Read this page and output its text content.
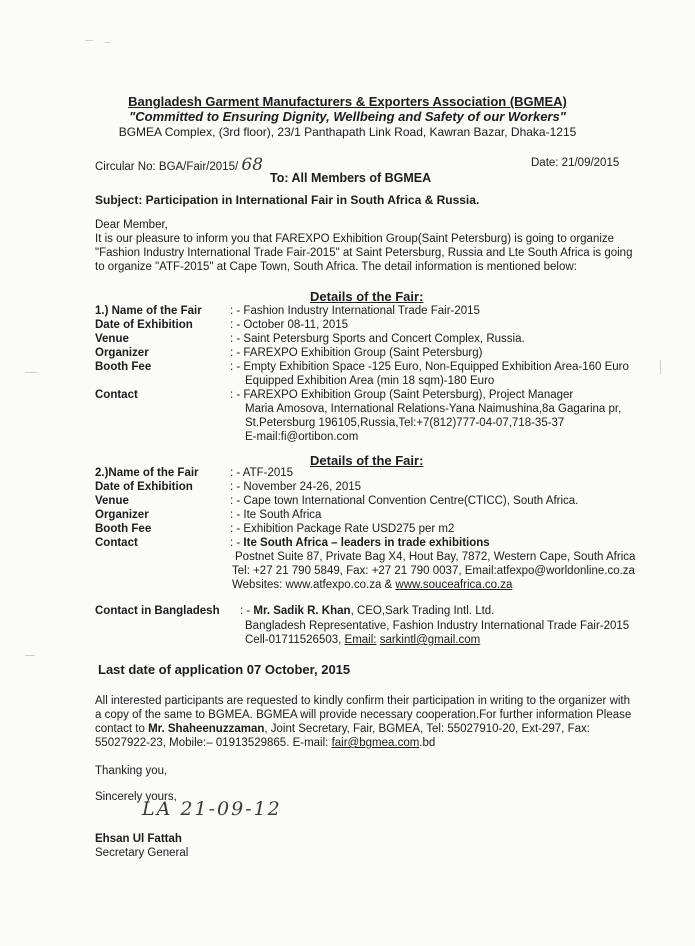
Bangladesh Garment Manufacturers & Exporters Association (BGMEA)
"Committed to Ensuring Dignity, Wellbeing and Safety of our Workers"
BGMEA Complex, (3rd floor), 23/1 Panthapath Link Road, Kawran Bazar, Dhaka-1215
Circular No: BGA/Fair/2015/ 68	Date: 21/09/2015
To: All Members of BGMEA
Subject: Participation in International Fair in South Africa & Russia.
Dear Member,
It is our pleasure to inform you that FAREXPO Exhibition Group(Saint Petersburg) is going to organize
"Fashion Industry International Trade Fair-2015" at Saint Petersburg, Russia and Lte South Africa is going
to organize "ATF-2015" at Cape Town, South Africa. The detail information is mentioned below:
Details of the Fair:
1.) Name of the Fair : - Fashion Industry International Trade Fair-2015
Date of Exhibition	: - October 08-11, 2015
Venue	: - Saint Petersburg Sports and Concert Complex, Russia.
Organizer	: - FAREXPO Exhibition Group (Saint Petersburg)
Booth Fee	: - Empty Exhibition Space -125 Euro, Non-Equipped Exhibition Area-160 Euro
Equipped Exhibition Area (min 18 sqm)-180 Euro
Contact	: - FAREXPO Exhibition Group (Saint Petersburg), Project Manager
Maria Amosova, International Relations-Yana Naimushina,8a Gagarina pr,
St.Petersburg 196105,Russia,Tel:+7(812)777-04-07,718-35-37
E-mail:fi@ortibon.com
Details of the Fair:
2.)Name of the Fair	: - ATF-2015
Date of Exhibition	: - November 24-26, 2015
Venue	: - Cape town International Convention Centre(CTICC), South Africa.
Organizer	: - Ite South Africa
Booth Fee	: - Exhibition Package Rate USD275 per m2
Contact	: - Ite South Africa – leaders in trade exhibitions
Postnet Suite 87, Private Bag X4, Hout Bay, 7872, Western Cape, South Africa
Tel: +27 21 790 5849, Fax: +27 21 790 0037, Email:atfexpo@worldonline.co.za
Websites: www.atfexpo.co.za & www.souceafrica.co.za
Contact in Bangladesh : - Mr. Sadik R. Khan, CEO,Sark Trading Intl. Ltd.
Bangladesh Representative, Fashion Industry International Trade Fair-2015
Cell-01711526503, Email: sarkintl@gmail.com
Last date of application 07 October, 2015
All interested participants are requested to kindly confirm their participation in writing to the organizer with
a copy of the same to BGMEA. BGMEA will provide necessary cooperation.For further information Please
contact to Mr. Shaheenuzzaman, Joint Secretary, Fair, BGMEA, Tel: 55027910-20, Ext-297, Fax:
55027922-23, Mobile:– 01913529865. E-mail: fair@bgmea.com.bd
Thanking you,
Sincerely yours,
LA 21-09-12
Ehsan Ul Fattah
Secretary General
